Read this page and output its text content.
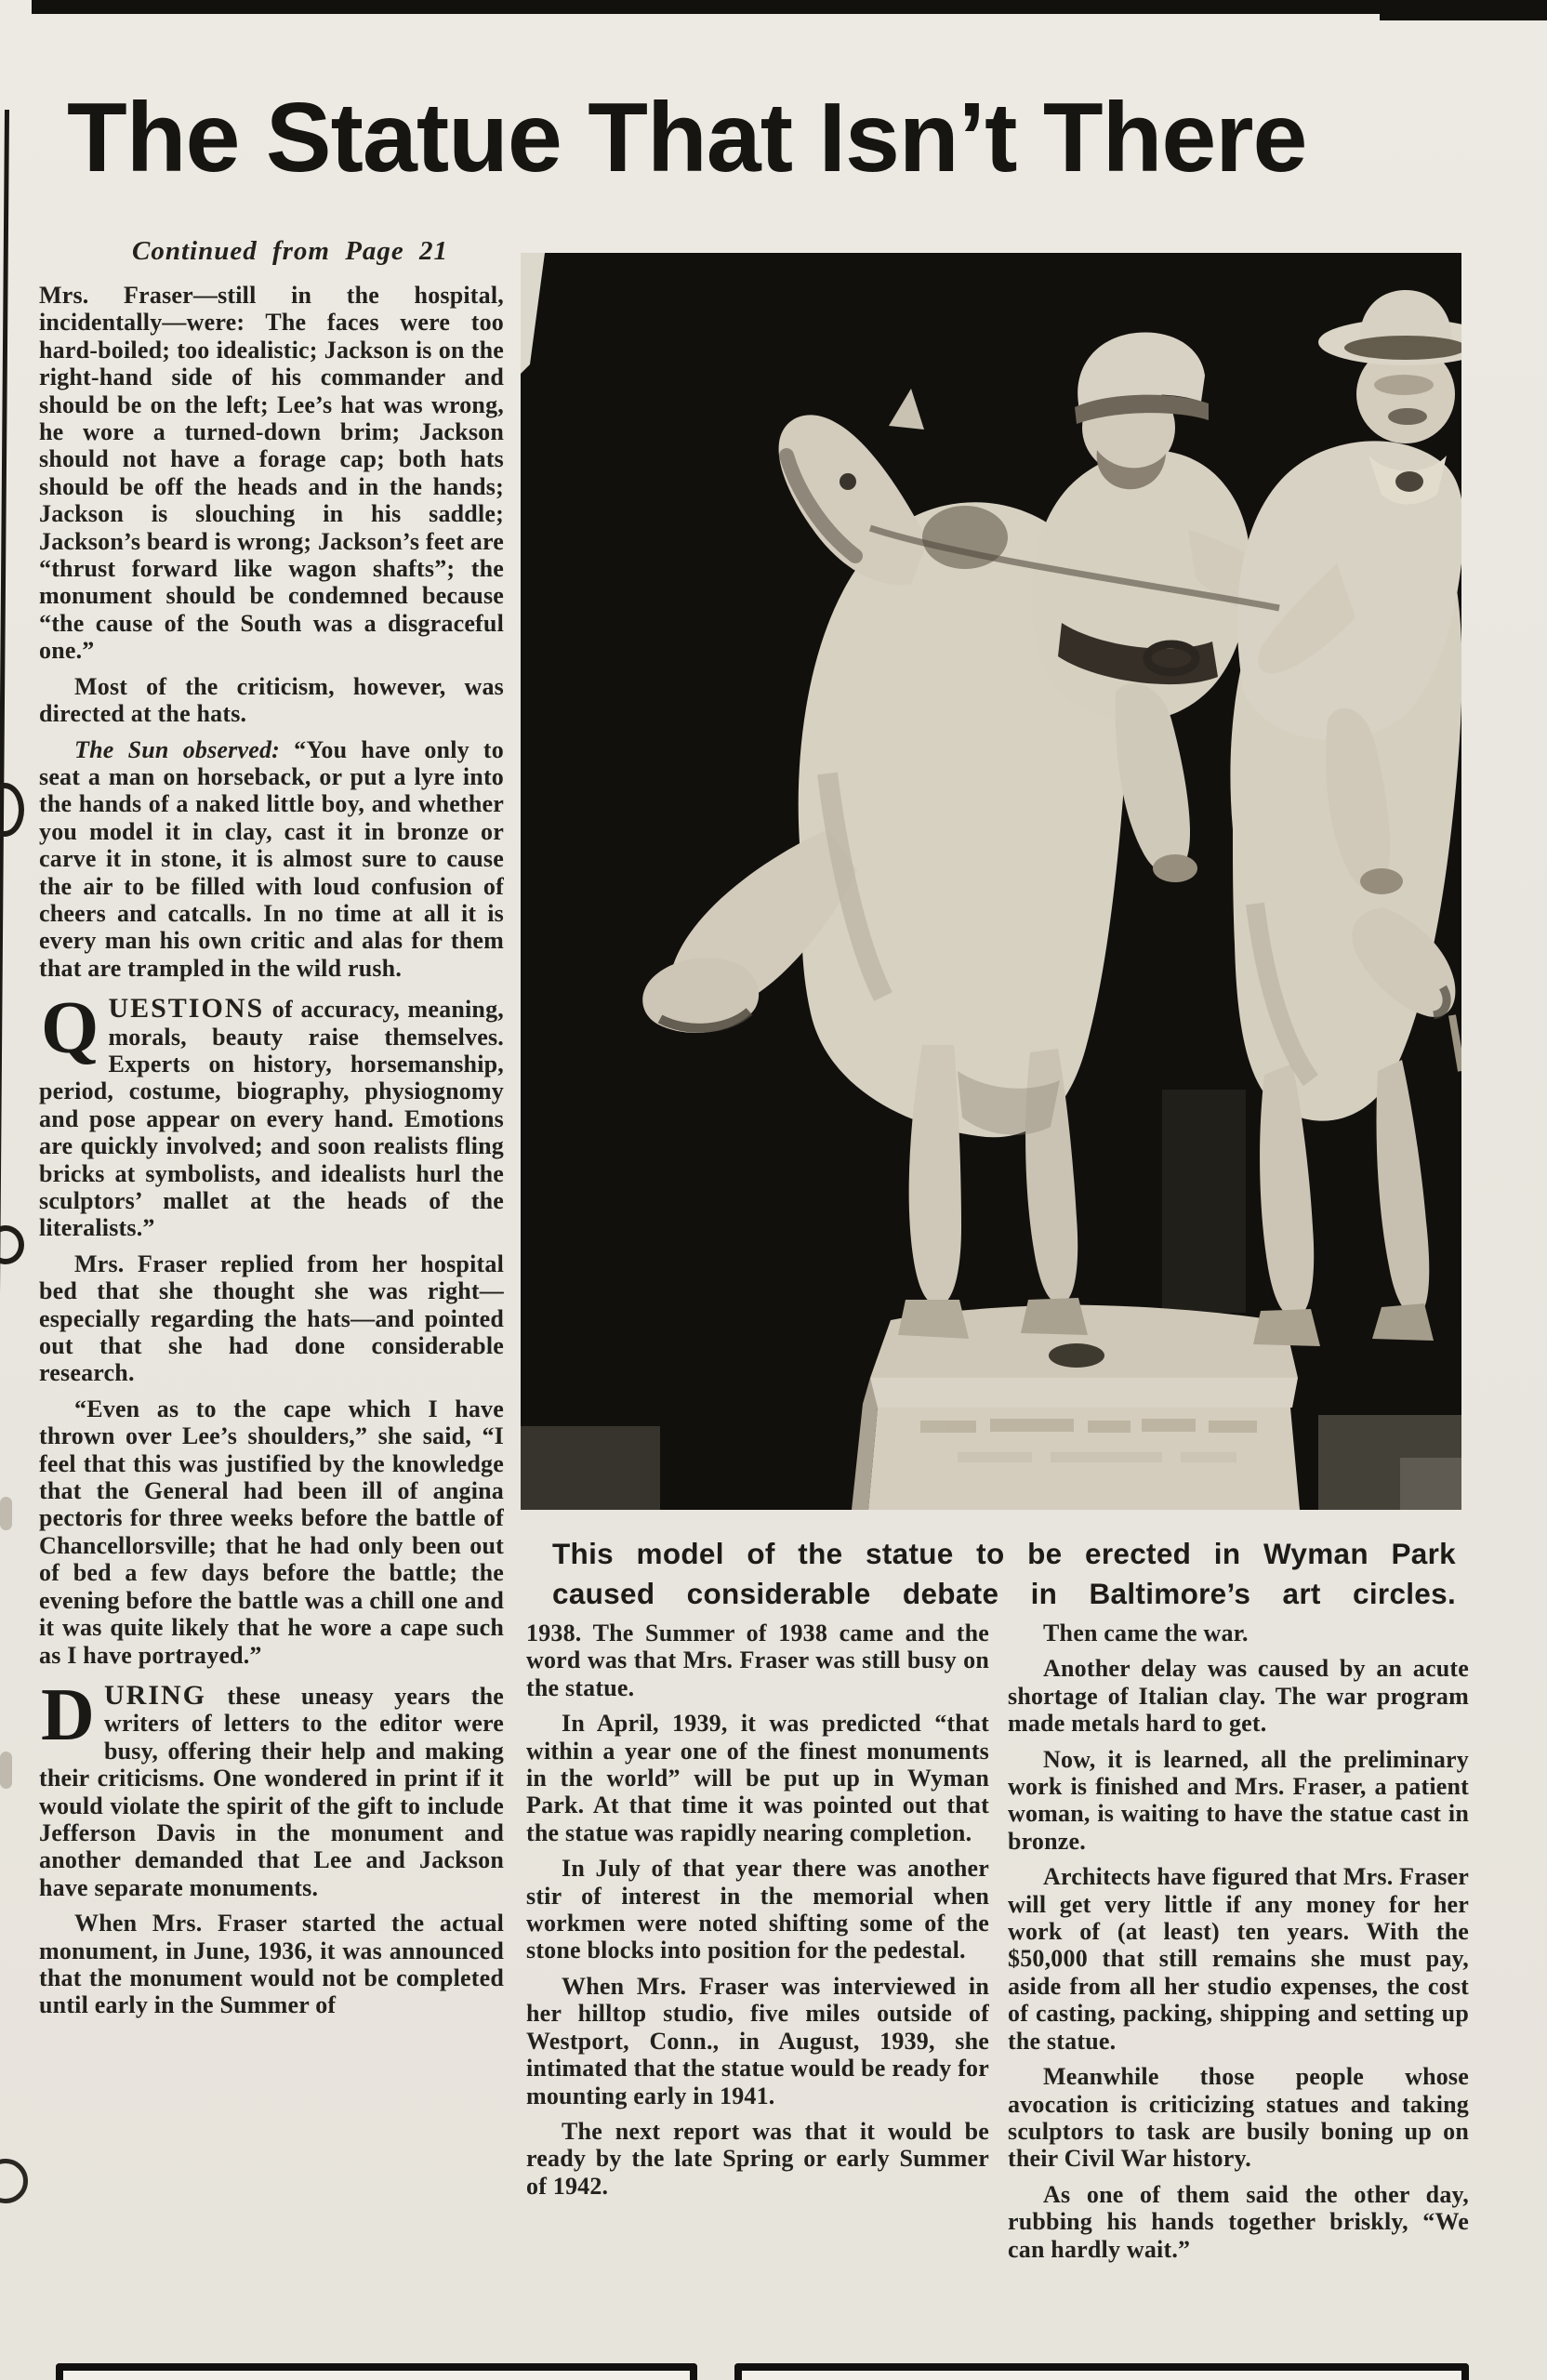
The Statue That Isn’t There
Continued from Page 21

Mrs. Fraser—still in the hospital, incidentally—were: The faces were too hard-boiled; too idealistic; Jackson is on the right-hand side of his commander and should be on the left; Lee’s hat was wrong, he wore a turned-down brim; Jackson should not have a forage cap; both hats should be off the heads and in the hands; Jackson is slouching in his saddle; Jackson’s beard is wrong; Jackson’s feet are “thrust forward like wagon shafts”; the monument should be condemned because “the cause of the South was a disgraceful one.”

Most of the criticism, however, was directed at the hats.

The Sun observed: “You have only to seat a man on horseback, or put a lyre into the hands of a naked little boy, and whether you model it in clay, cast it in bronze or carve it in stone, it is almost sure to cause the air to be filled with loud confusion of cheers and catcalls. In no time at all it is every man his own critic and alas for them that are trampled in the wild rush.

QUESTIONS of accuracy, meaning, morals, beauty raise themselves. Experts on history, horsemanship, period, costume, biography, physiognomy and pose appear on every hand. Emotions are quickly involved; and soon realists fling bricks at symbolists, and idealists hurl the sculptors’ mallet at the heads of the literalists.”

Mrs. Fraser replied from her hospital bed that she thought she was right— especially regarding the hats—and pointed out that she had done considerable research.

“Even as to the cape which I have thrown over Lee’s shoulders,” she said, “I feel that this was justified by the knowledge that the General had been ill of angina pectoris for three weeks before the battle of Chancellorsville; that he had only been out of bed a few days before the battle; the evening before the battle was a chill one and it was quite likely that he wore a cape such as I have portrayed.”

DURING these uneasy years the writers of letters to the editor were busy, offering their help and making their criticisms. One wondered in print if it would violate the spirit of the gift to include Jefferson Davis in the monument and another demanded that Lee and Jackson have separate monuments.

When Mrs. Fraser started the actual monument, in June, 1936, it was announced that the monument would not be completed until early in the Summer of

This model of the statue to be erected in Wyman Park
caused considerable debate in Baltimore’s art circles.

1938. The Summer of 1938 came and the word was that Mrs. Fraser was still busy on the statue.

In April, 1939, it was predicted “that within a year one of the finest monuments in the world” will be put up in Wyman Park. At that time it was pointed out that the statue was rapidly nearing completion.

In July of that year there was another stir of interest in the memorial when workmen were noted shifting some of the stone blocks into position for the pedestal.

When Mrs. Fraser was interviewed in her hilltop studio, five miles outside of Westport, Conn., in August, 1939, she intimated that the statue would be ready for mounting early in 1941.

The next report was that it would be ready by the late Spring or early Summer of 1942.

Then came the war.

Another delay was caused by an acute shortage of Italian clay. The war program made metals hard to get.

Now, it is learned, all the preliminary work is finished and Mrs. Fraser, a patient woman, is waiting to have the statue cast in bronze.

Architects have figured that Mrs. Fraser will get very little if any money for her work of (at least) ten years. With the $50,000 that still remains she must pay, aside from all her studio expenses, the cost of casting, packing, shipping and setting up the statue.

Meanwhile those people whose avocation is criticizing statues and taking sculptors to task are busily boning up on their Civil War history.

As one of them said the other day, rubbing his hands together briskly, “We can hardly wait.”
